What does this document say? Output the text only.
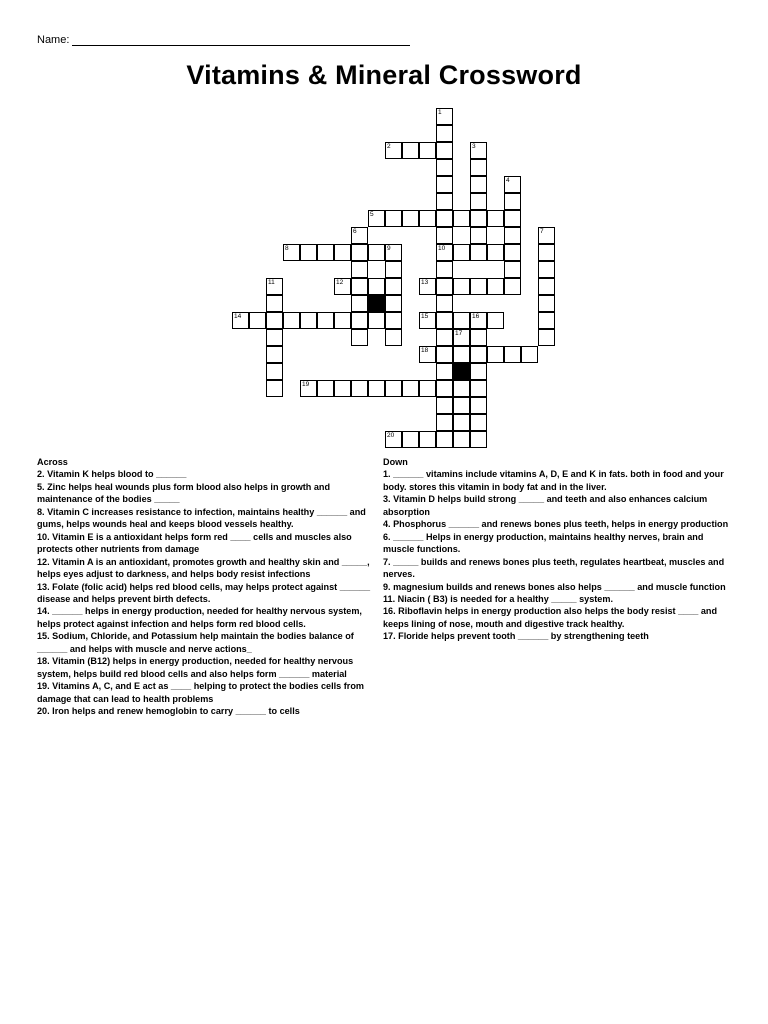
Name:
Vitamins & Mineral Crossword
2
5
8	10
12	13
14	15	16
18
19
20
1
3
4
6	7
9
11
17

Across

2. Vitamin K helps blood to ______

5. Zinc helps heal wounds plus form blood also helps in growth and maintenance of the bodies _____

8. Vitamin C increases resistance to infection, maintains healthy ______ and gums, helps wounds heal and keeps blood vessels healthy.

10. Vitamin E is a antioxidant helps form red ____ cells and muscles also protects other nutrients from damage

12. Vitamin A is an antioxidant, promotes growth and healthy skin and _____, helps eyes adjust to darkness, and helps body resist infections

13. Folate (folic acid) helps red blood cells, may helps protect against ______ disease and helps prevent birth defects.

14. ______ helps in energy production, needed for healthy nervous system, helps protect against infection and helps form red blood cells.

15. Sodium, Chloride, and Potassium help maintain the bodies balance of ______ and helps with muscle and nerve actions_

18. Vitamin (B12) helps in energy production, needed for healthy nervous system, helps build red blood cells and also helps form ______ material

19. Vitamins A, C, and E act as ____ helping to protect the bodies cells from damage that can lead to health problems

20. Iron helps and renew hemoglobin to carry ______ to cells

Down

1. ______ vitamins include vitamins A, D, E and K in fats. both in food and your body. stores this vitamin in body fat and in the liver.

3. Vitamin D helps build strong _____ and teeth and also enhances calcium absorption

4. Phosphorus ______ and renews bones plus teeth, helps in energy production

6. ______ Helps in energy production, maintains healthy nerves, brain and muscle functions.

7. _____ builds and renews bones plus teeth, regulates heartbeat, muscles and nerves.

9. magnesium builds and renews bones also helps ______ and muscle function

11. Niacin ( B3) is needed for a healthy _____ system.

16. Riboflavin helps in energy production also helps the body resist ____ and keeps lining of nose, mouth and digestive track healthy.

17. Floride helps prevent tooth ______ by strengthening teeth
